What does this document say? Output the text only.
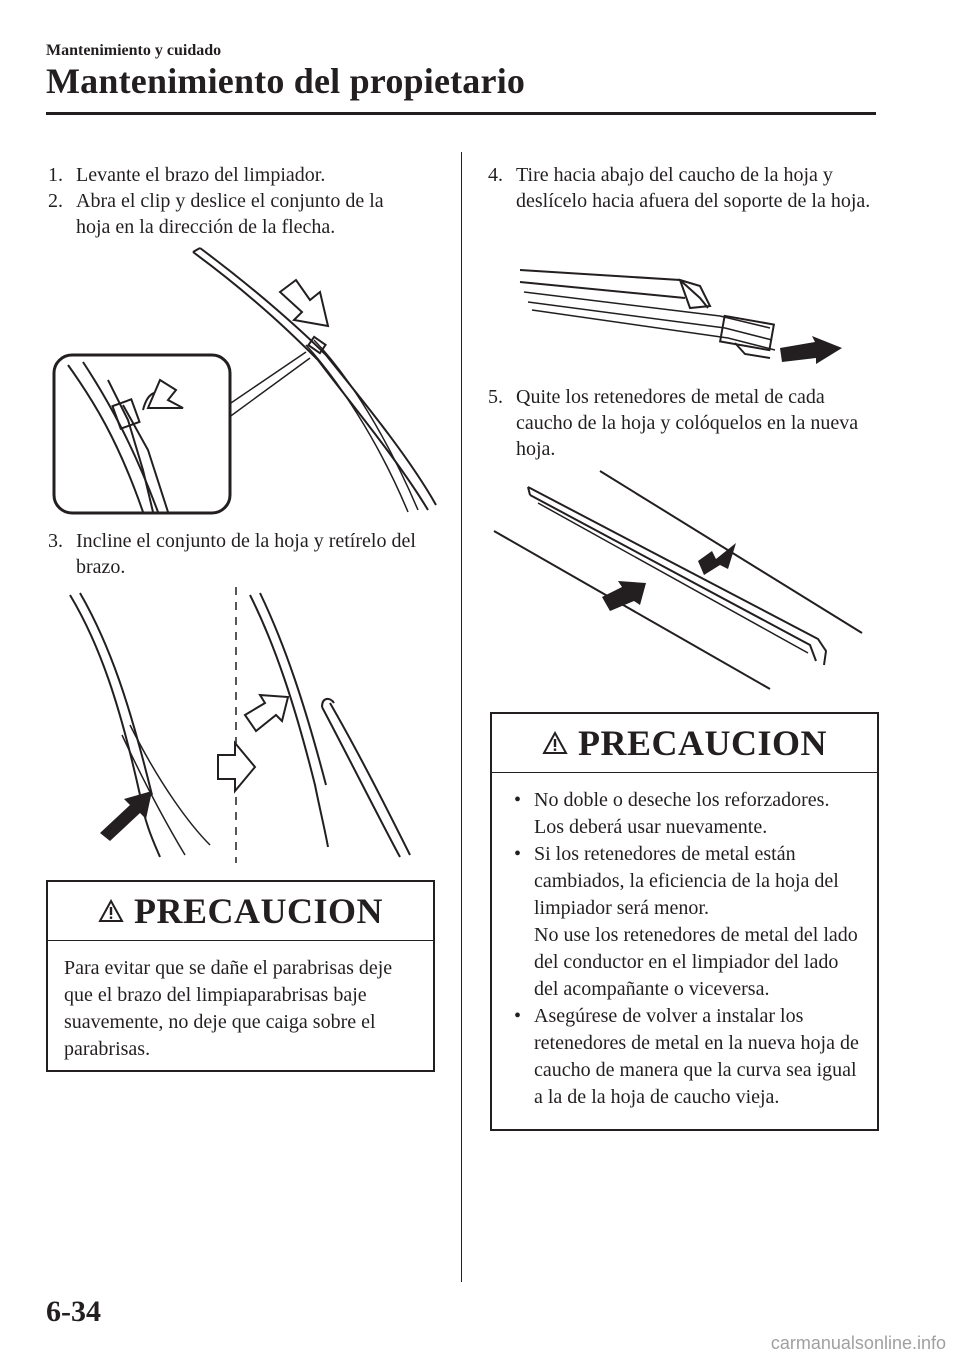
Mantenimiento y cuidado
Mantenimiento del propietario
1. Levante el brazo del limpiador.
2. Abra el clip y deslice el conjunto de la hoja en la dirección de la flecha.
3. Incline el conjunto de la hoja y retírelo del brazo.
PRECAUCION
Para evitar que se dañe el parabrisas deje que el brazo del limpiaparabrisas baje suavemente, no deje que caiga sobre el parabrisas.
4. Tire hacia abajo del caucho de la hoja y deslícelo hacia afuera del soporte de la hoja.
5. Quite los retenedores de metal de cada caucho de la hoja y colóquelos en la nueva hoja.
PRECAUCION
• No doble o deseche los reforzadores. Los deberá usar nuevamente.
• Si los retenedores de metal están cambiados, la eficiencia de la hoja del limpiador será menor.
No use los retenedores de metal del lado del conductor en el limpiador del lado del acompañante o viceversa.
• Asegúrese de volver a instalar los retenedores de metal en la nueva hoja de caucho de manera que la curva sea igual a la de la hoja de caucho vieja.
6-34
carmanualsonline.info
